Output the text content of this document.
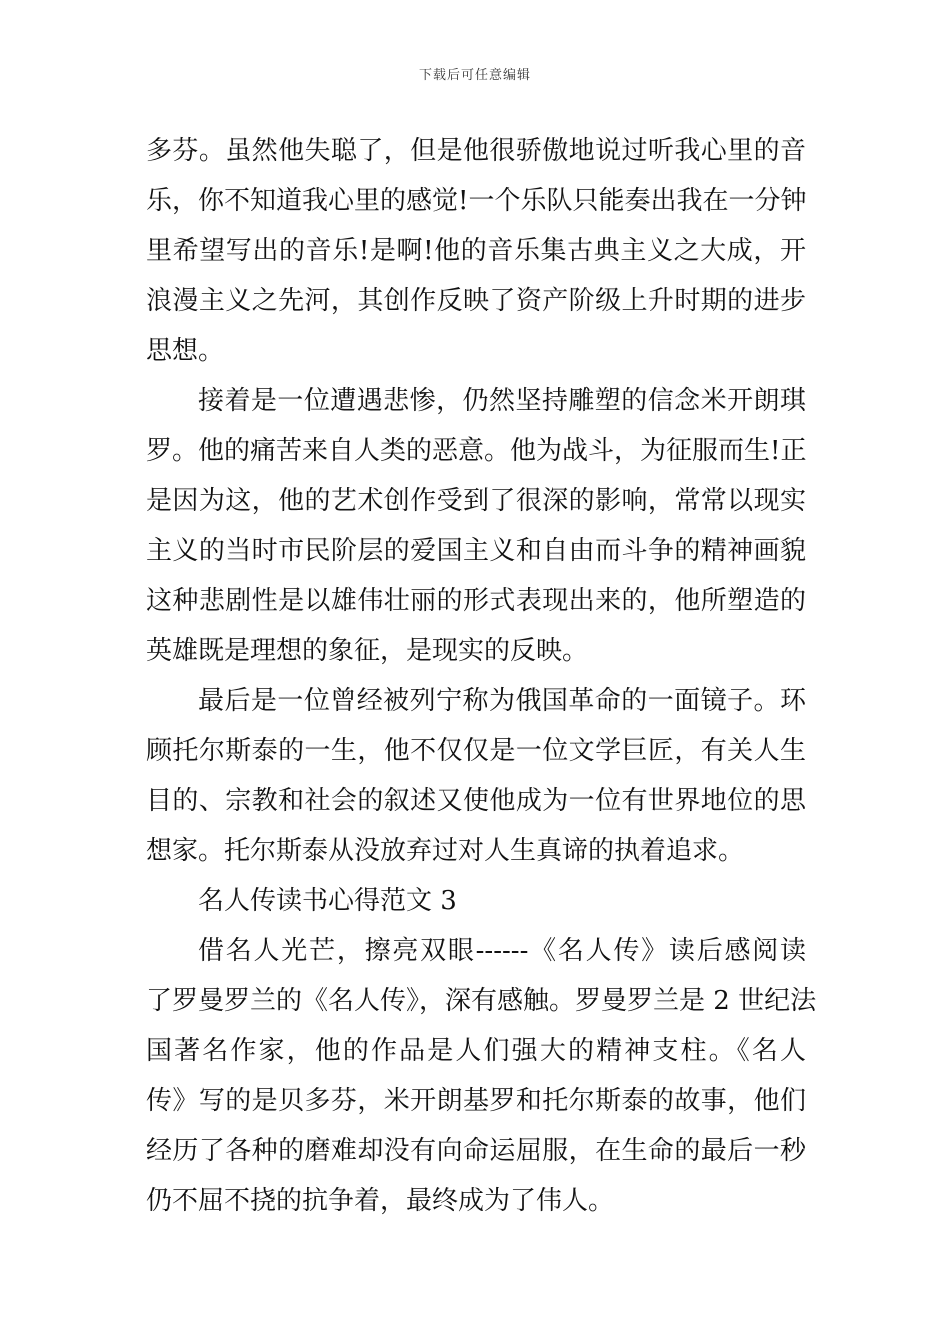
下载后可任意编辑
多芬。虽然他失聪了，但是他很骄傲地说过听我心里的音
乐，你不知道我心里的感觉!一个乐队只能奏出我在一分钟
里希望写出的音乐!是啊!他的音乐集古典主义之大成，开
浪漫主义之先河，其创作反映了资产阶级上升时期的进步
思想。
接着是一位遭遇悲惨，仍然坚持雕塑的信念米开朗琪
罗。他的痛苦来自人类的恶意。他为战斗，为征服而生!正
是因为这，他的艺术创作受到了很深的影响，常常以现实
主义的当时市民阶层的爱国主义和自由而斗争的精神画貌
这种悲剧性是以雄伟壮丽的形式表现出来的，他所塑造的
英雄既是理想的象征，是现实的反映。
最后是一位曾经被列宁称为俄国革命的一面镜子。环
顾托尔斯泰的一生，他不仅仅是一位文学巨匠，有关人生
目的、宗教和社会的叙述又使他成为一位有世界地位的思
想家。托尔斯泰从没放弃过对人生真谛的执着追求。
名人传读书心得范文 3
借名人光芒，擦亮双眼------《名人传》读后感阅读
了罗曼罗兰的《名人传》，深有感触。罗曼罗兰是 2 世纪法
国著名作家，他的作品是人们强大的精神支柱。《名人
传》写的是贝多芬，米开朗基罗和托尔斯泰的故事，他们
经历了各种的磨难却没有向命运屈服，在生命的最后一秒
仍不屈不挠的抗争着，最终成为了伟人。
